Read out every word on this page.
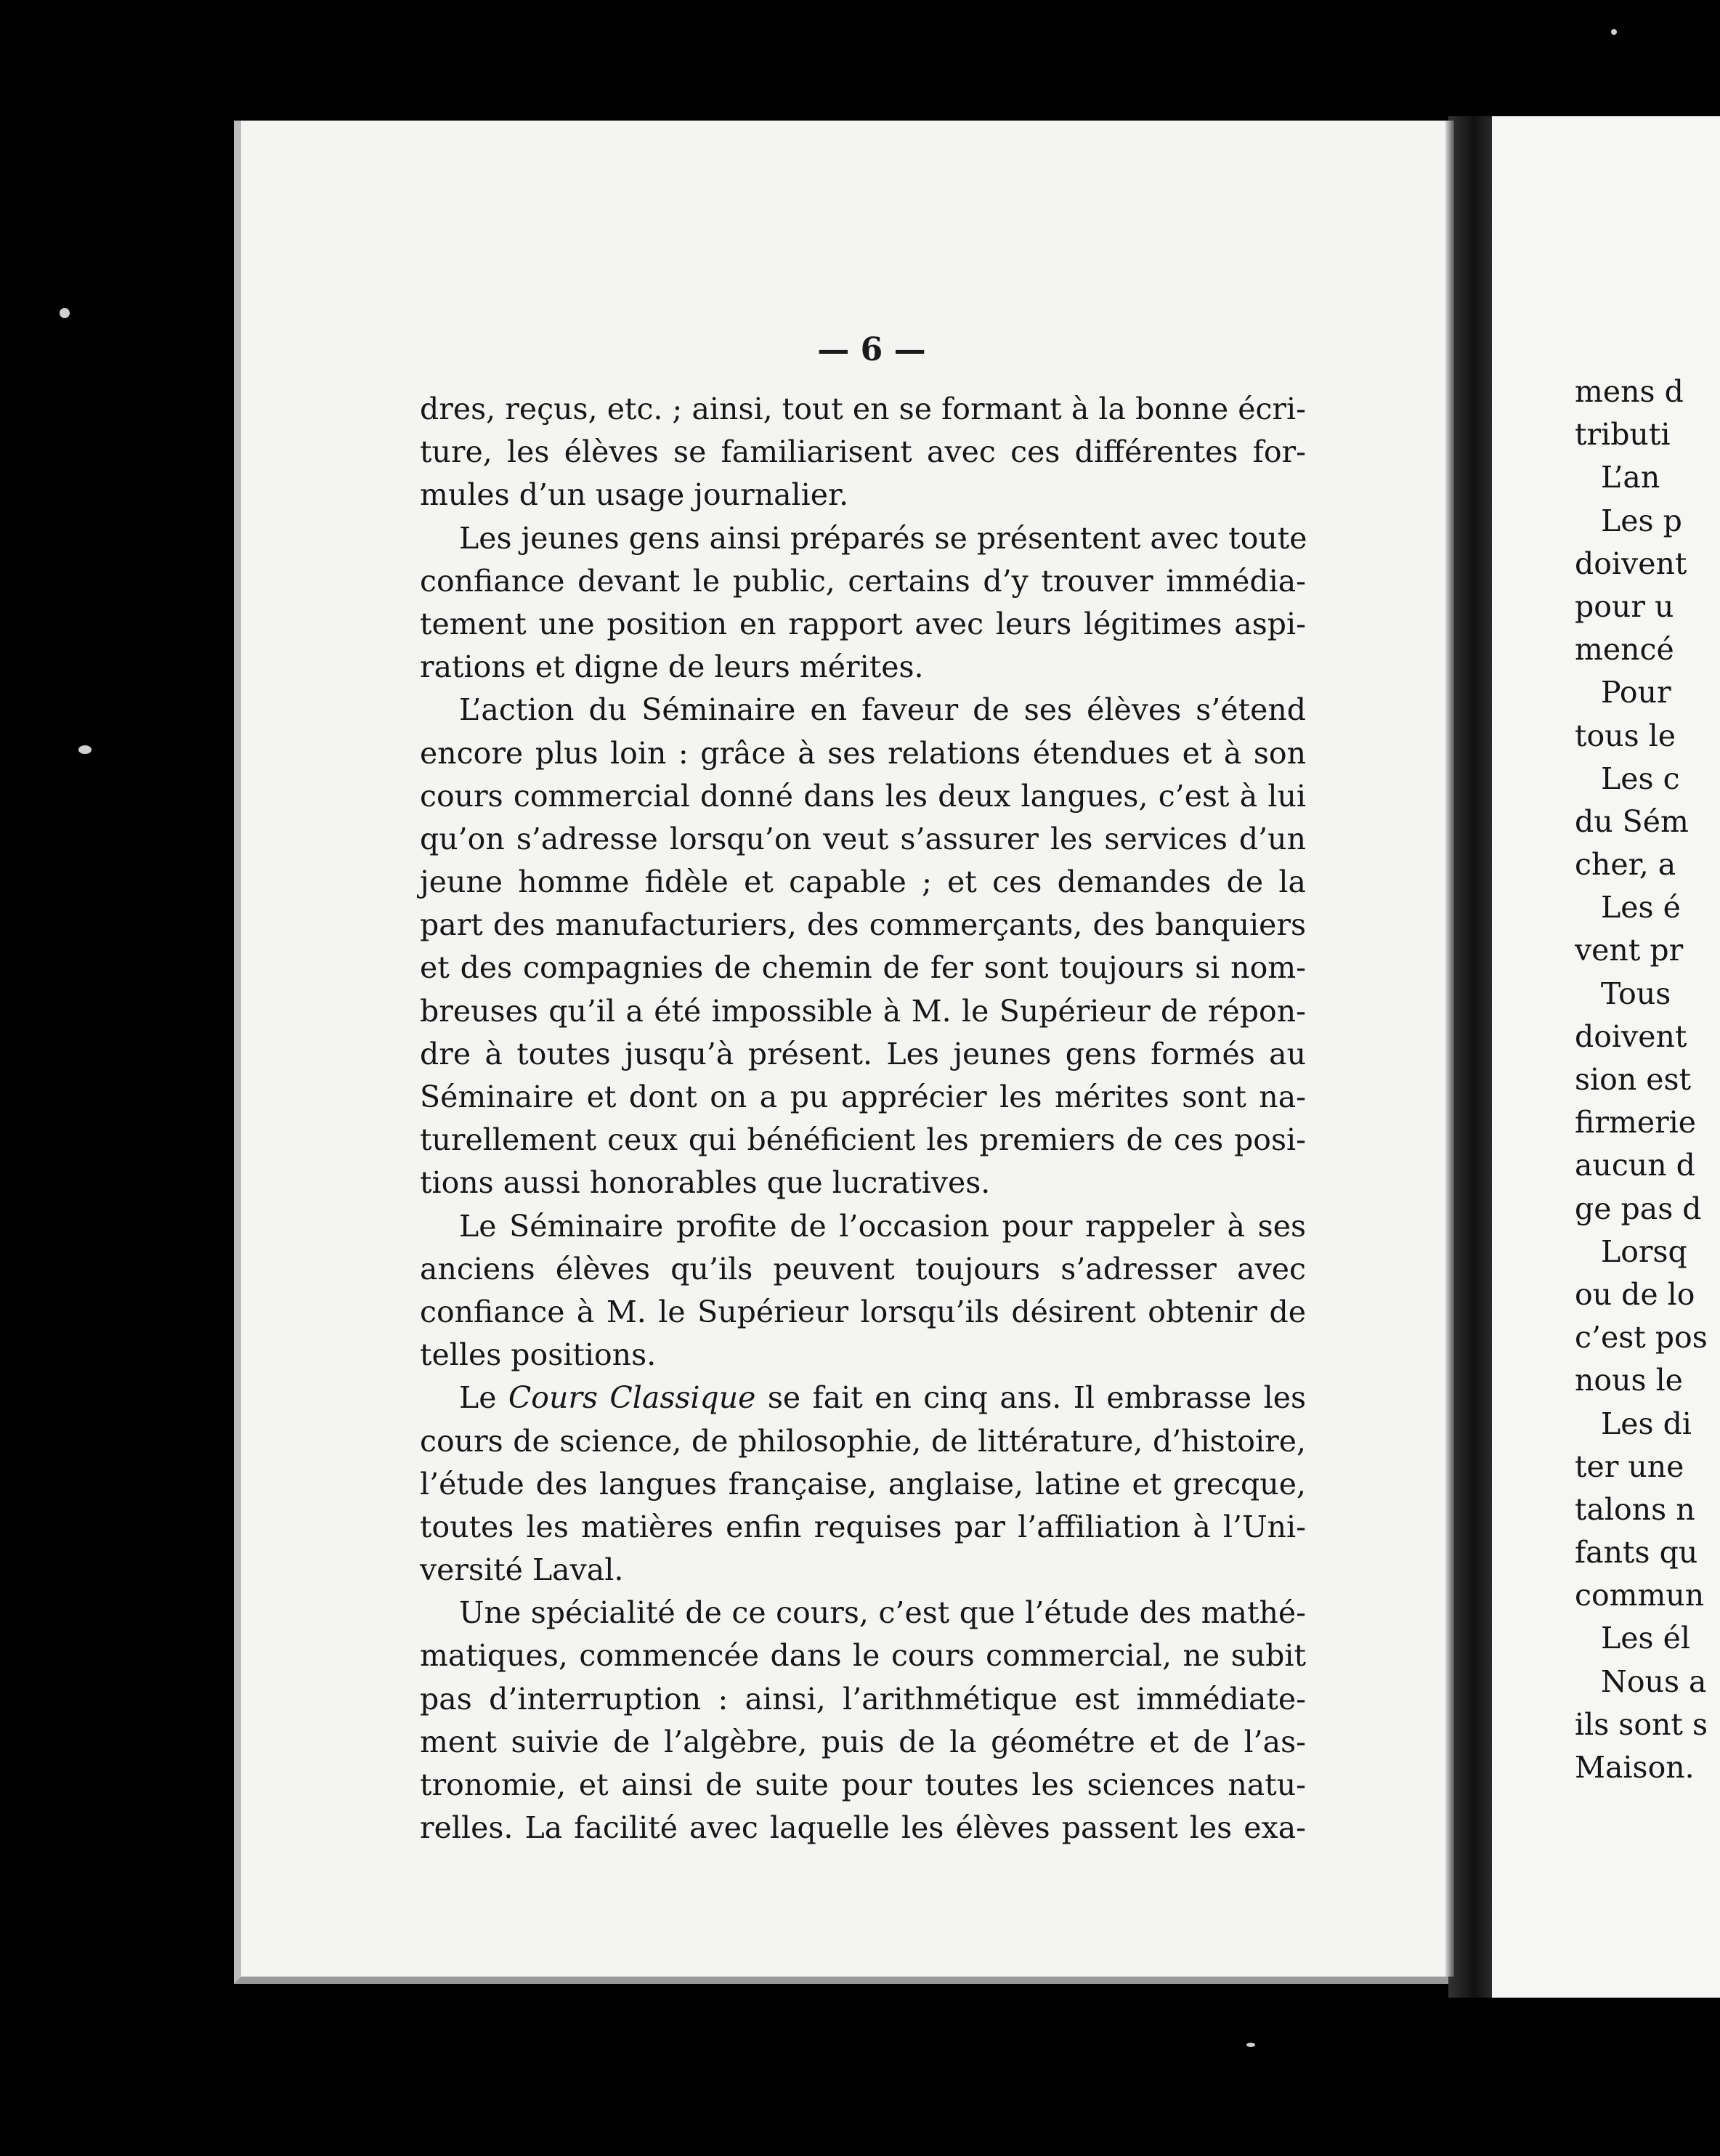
— 6 —
dres, reçus, etc. ; ainsi, tout en se formant à la bonne écri-
ture, les élèves se familiarisent avec ces différentes for-
mules d’un usage journalier.
Les jeunes gens ainsi préparés se présentent avec toute
confiance devant le public, certains d’y trouver immédia-
tement une position en rapport avec leurs légitimes aspi-
rations et digne de leurs mérites.
L’action du Séminaire en faveur de ses élèves s’étend
encore plus loin : grâce à ses relations étendues et à son
cours commercial donné dans les deux langues, c’est à lui
qu’on s’adresse lorsqu’on veut s’assurer les services d’un
jeune homme fidèle et capable ; et ces demandes de la
part des manufacturiers, des commerçants, des banquiers
et des compagnies de chemin de fer sont toujours si nom-
breuses qu’il a été impossible à M. le Supérieur de répon-
dre à toutes jusqu’à présent. Les jeunes gens formés au
Séminaire et dont on a pu apprécier les mérites sont na-
turellement ceux qui bénéficient les premiers de ces posi-
tions aussi honorables que lucratives.
Le Séminaire profite de l’occasion pour rappeler à ses
anciens élèves qu’ils peuvent toujours s’adresser avec
confiance à M. le Supérieur lorsqu’ils désirent obtenir de
telles positions.
Le Cours Classique se fait en cinq ans. Il embrasse les
cours de science, de philosophie, de littérature, d’histoire,
l’étude des langues française, anglaise, latine et grecque,
toutes les matières enfin requises par l’affiliation à l’Uni-
versité Laval.
Une spécialité de ce cours, c’est que l’étude des mathé-
matiques, commencée dans le cours commercial, ne subit
pas d’interruption : ainsi, l’arithmétique est immédiate-
ment suivie de l’algèbre, puis de la géométre et de l’as-
tronomie, et ainsi de suite pour toutes les sciences natu-
relles. La facilité avec laquelle les élèves passent les exa-
mens d
tributi
L’an
Les p
doivent
pour u
mencé
Pour
tous le
Les c
du Sém
cher, a
Les é
vent pr
Tous
doivent
sion est
firmerie
aucun d
ge pas d
Lorsq
ou de lo
c’est pos
nous le
Les di
ter une
talons n
fants qu
commun
Les él
Nous a
ils sont s
Maison.
